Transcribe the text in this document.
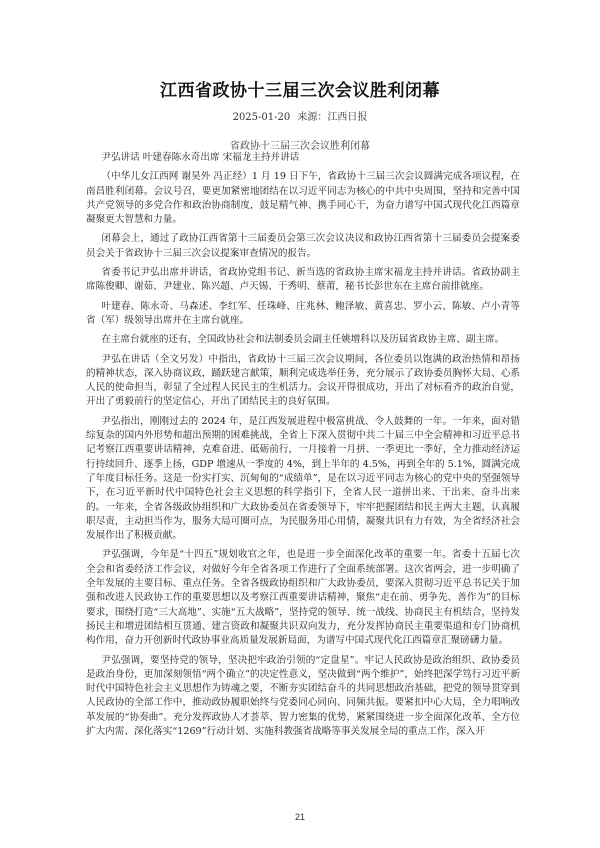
江西省政协十三届三次会议胜利闭幕
2025-01-20 来源：江西日报
省政协十三届三次会议胜利闭幕

尹弘讲话 叶建春陈永奇出席 宋福龙主持并讲话

（中华儿女江西网 谢昊外 冯正经）1 月 19 日下午，省政协十三届三次会议圆满完成各项议程，在南昌胜利闭幕。会议号召，要更加紧密地团结在以习近平同志为核心的中共中央周围，坚持和完善中国共产党领导的多党合作和政治协商制度，鼓足精气神、携手同心干，为奋力谱写中国式现代化江西篇章凝聚更大智慧和力量。

闭幕会上，通过了政协江西省第十三届委员会第三次会议决议和政协江西省第十三届委员会提案委员会关于省政协十三届三次会议提案审查情况的报告。

省委书记尹弘出席并讲话，省政协党组书记、新当选的省政协主席宋福龙主持并讲话。省政协副主席陈俊卿、谢茹、尹建业、陈兴超、卢天锡、于秀明、蔡莆，秘书长彭世东在主席台前排就座。

叶建春、陈永奇、马森述、李红军、任珠峰、庄兆林、鲍泽敏、黄喜忠、罗小云、陈敏、卢小青等省（军）级领导出席并在主席台就座。

在主席台就座的还有，全国政协社会和法制委员会副主任姚增科以及历届省政协主席、副主席。

尹弘在讲话（全文另发）中指出，省政协十三届三次会议期间，各位委员以饱满的政治热情和昂扬的精神状态，深入协商议政，踊跃建言献策，顺利完成选举任务，充分展示了政协委员胸怀大局、心系人民的使命担当，彰显了全过程人民民主的生机活力。会议开得很成功，开出了对标看齐的政治自觉，开出了勇毅前行的坚定信心，开出了团结民主的良好氛围。

尹弘指出，刚刚过去的 2024 年，是江西发展进程中极富挑战、令人鼓舞的一年。一年来，面对错综复杂的国内外形势和超出预期的困难挑战，全省上下深入贯彻中共二十届三中全会精神和习近平总书记考察江西重要讲话精神，克难奋进、砥砺前行，一月接着一月拼、一季更比一季好，全力推动经济运行持续回升、逐季上扬，GDP 增速从一季度的 4%，到上半年的 4.5%，再到全年的 5.1%，圆满完成了年度目标任务。这是一份实打实、沉甸甸的“成绩单”，是在以习近平同志为核心的党中央的坚强领导下，在习近平新时代中国特色社会主义思想的科学指引下，全省人民一道拼出来、干出来、奋斗出来的。一年来，全省各级政协组织和广大政协委员在省委领导下，牢牢把握团结和民主两大主题，认真履职尽责，主动担当作为，服务大局可圈可点，为民服务用心用情，凝聚共识有力有效，为全省经济社会发展作出了积极贡献。

尹弘强调，今年是“十四五”规划收官之年，也是进一步全面深化改革的重要一年。省委十五届七次全会和省委经济工作会议，对做好今年全省各项工作进行了全面系统部署。这次省两会，进一步明确了全年发展的主要目标、重点任务。全省各级政协组织和广大政协委员，要深入贯彻习近平总书记关于加强和改进人民政协工作的重要思想以及考察江西重要讲话精神，聚焦“走在前、勇争先、善作为”的目标要求，围绕打造“三大高地”、实施“五大战略”，坚持党的领导、统一战线、协商民主有机结合，坚持发扬民主和增进团结相互贯通、建言资政和凝聚共识双向发力，充分发挥协商民主重要渠道和专门协商机构作用，奋力开创新时代政协事业高质量发展新局面，为谱写中国式现代化江西篇章汇聚磅礴力量。

尹弘强调，要坚持党的领导，坚决把牢政治引领的“定盘星”。牢记人民政协是政治组织、政协委员是政治身份，更加深刻领悟“两个确立”的决定性意义，坚决做到“两个维护”，始终把深学笃行习近平新时代中国特色社会主义思想作为铸魂之要，不断夯实团结奋斗的共同思想政治基础，把党的领导贯穿到人民政协的全部工作中，推动政协履职始终与党委同心同向、同频共振。要紧扣中心大局，全力唱响改革发展的“协奏曲”。充分发挥政协人才荟萃、智力密集的优势，紧紧围绕进一步全面深化改革、全方位扩大内需、深化落实“1269”行动计划、实施科教强省战略等事关发展全局的重点工作，深入开

21
